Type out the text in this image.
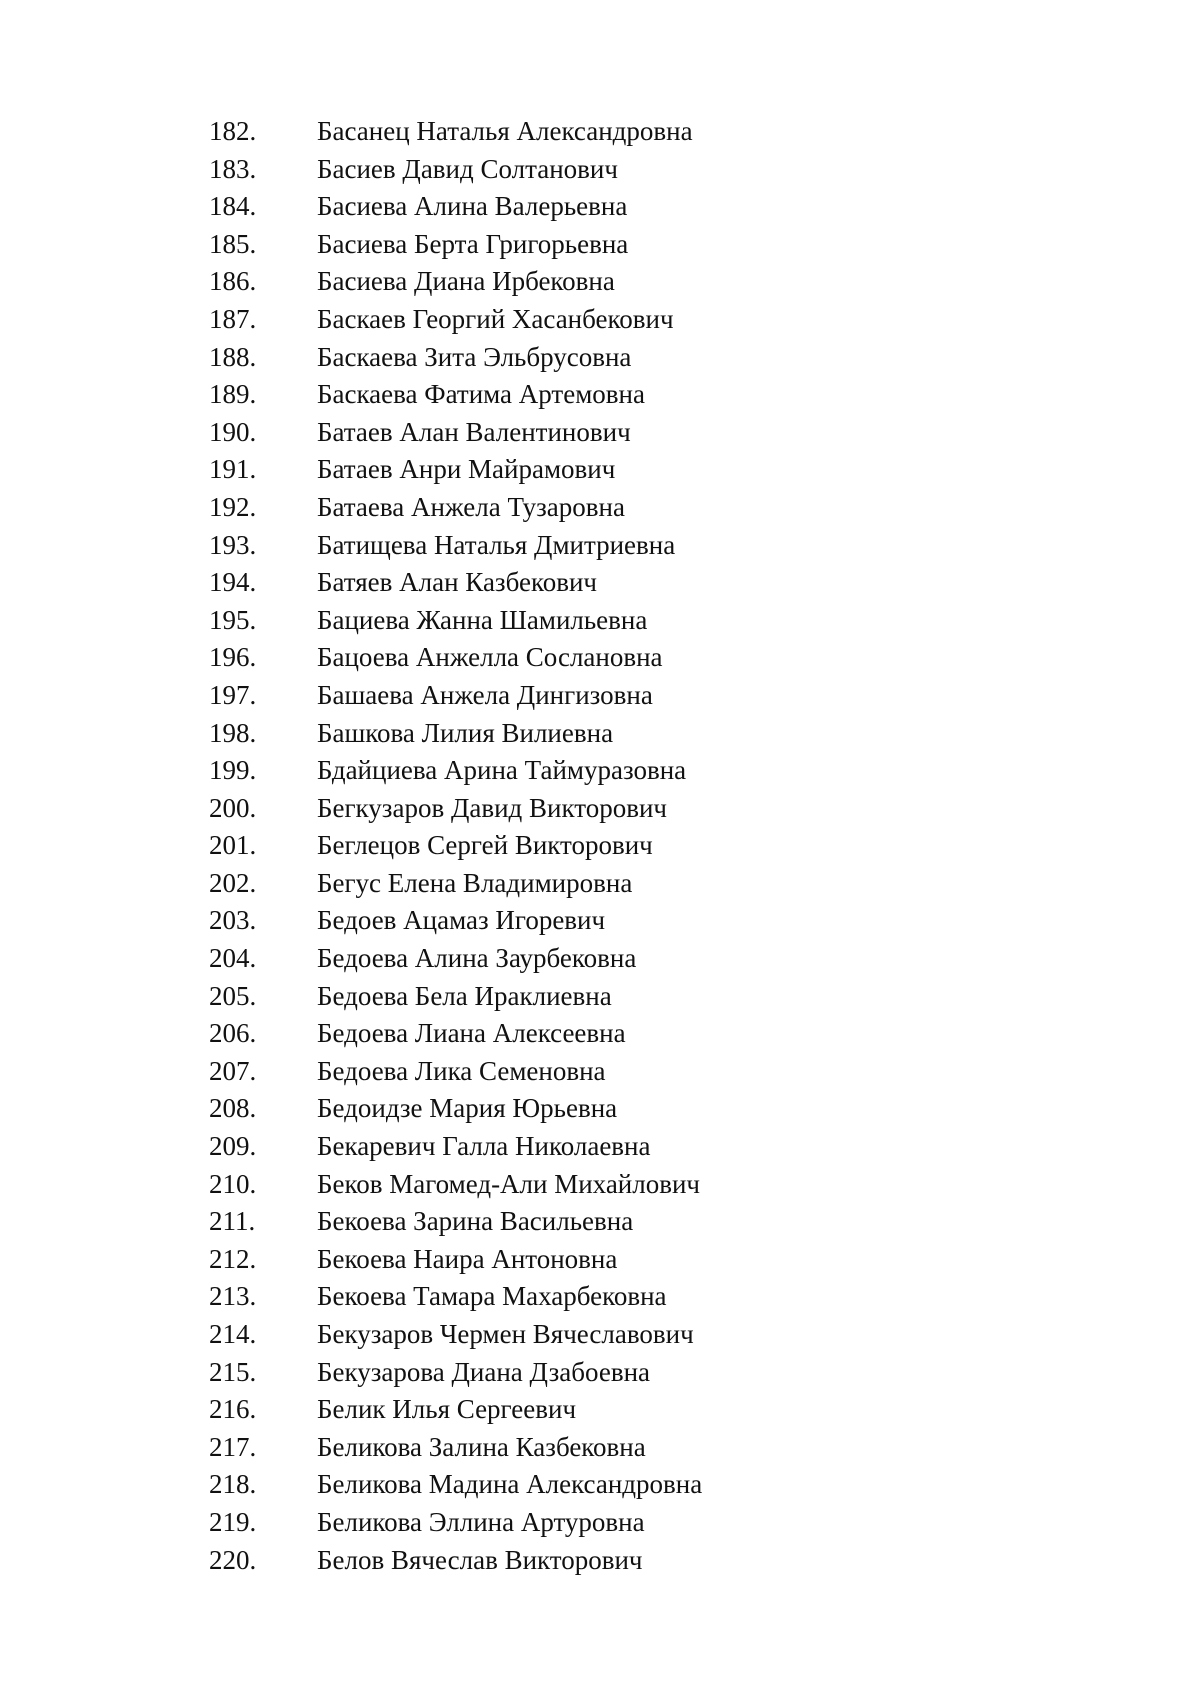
182.	Басанец Наталья Александровна
183.	Басиев Давид Солтанович
184.	Басиева Алина Валерьевна
185.	Басиева Берта Григорьевна
186.	Басиева Диана Ирбековна
187.	Баскаев Георгий Хасанбекович
188.	Баскаева Зита Эльбрусовна
189.	Баскаева Фатима Артемовна
190.	Батаев Алан Валентинович
191.	Батаев Анри Майрамович
192.	Батаева Анжела Тузаровна
193.	Батищева Наталья Дмитриевна
194.	Батяев Алан Казбекович
195.	Бациева Жанна Шамильевна
196.	Бацоева Анжелла Сослановна
197.	Башаева Анжела Дингизовна
198.	Башкова Лилия Вилиевна
199.	Бдайциева Арина Таймуразовна
200.	Бегкузаров Давид Викторович
201.	Беглецов Сергей Викторович
202.	Бегус Елена Владимировна
203.	Бедоев Ацамаз Игоревич
204.	Бедоева Алина Заурбековна
205.	Бедоева Бела Ираклиевна
206.	Бедоева Лиана Алексеевна
207.	Бедоева Лика Семеновна
208.	Бедоидзе Мария Юрьевна
209.	Бекаревич Галла Николаевна
210.	Беков Магомед-Али Михайлович
211.	Бекоева Зарина Васильевна
212.	Бекоева Наира Антоновна
213.	Бекоева Тамара Махарбековна
214.	Бекузаров Чермен Вячеславович
215.	Бекузарова Диана Дзабоевна
216.	Белик Илья Сергеевич
217.	Беликова Залина Казбековна
218.	Беликова Мадина Александровна
219.	Беликова Эллина Артуровна
220.	Белов Вячеслав Викторович
